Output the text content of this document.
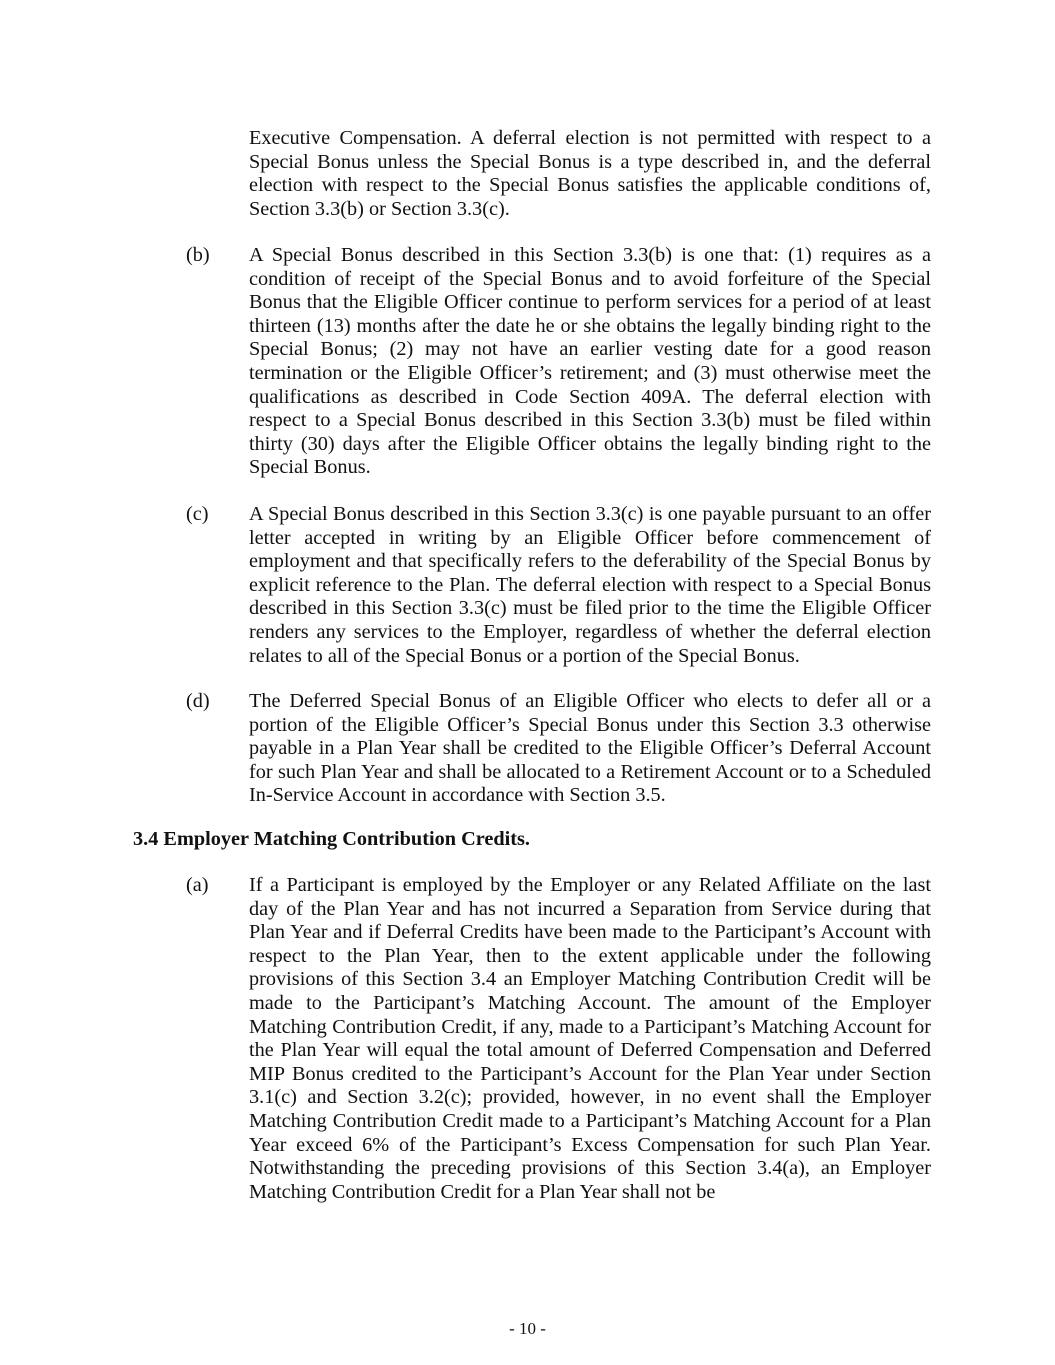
Executive Compensation. A deferral election is not permitted with respect to a Special Bonus unless the Special Bonus is a type described in, and the deferral election with respect to the Special Bonus satisfies the applicable conditions of, Section 3.3(b) or Section 3.3(c).

(b) A Special Bonus described in this Section 3.3(b) is one that: (1) requires as a condition of receipt of the Special Bonus and to avoid forfeiture of the Special Bonus that the Eligible Officer continue to perform services for a period of at least thirteen (13) months after the date he or she obtains the legally binding right to the Special Bonus; (2) may not have an earlier vesting date for a good reason termination or the Eligible Officer’s retirement; and (3) must otherwise meet the qualifications as described in Code Section 409A. The deferral election with respect to a Special Bonus described in this Section 3.3(b) must be filed within thirty (30) days after the Eligible Officer obtains the legally binding right to the Special Bonus.

(c) A Special Bonus described in this Section 3.3(c) is one payable pursuant to an offer letter accepted in writing by an Eligible Officer before commencement of employment and that specifically refers to the deferability of the Special Bonus by explicit reference to the Plan. The deferral election with respect to a Special Bonus described in this Section 3.3(c) must be filed prior to the time the Eligible Officer renders any services to the Employer, regardless of whether the deferral election relates to all of the Special Bonus or a portion of the Special Bonus.

(d) The Deferred Special Bonus of an Eligible Officer who elects to defer all or a portion of the Eligible Officer’s Special Bonus under this Section 3.3 otherwise payable in a Plan Year shall be credited to the Eligible Officer’s Deferral Account for such Plan Year and shall be allocated to a Retirement Account or to a Scheduled In-Service Account in accordance with Section 3.5.

3.4 Employer Matching Contribution Credits.
(a) If a Participant is employed by the Employer or any Related Affiliate on the last day of the Plan Year and has not incurred a Separation from Service during that Plan Year and if Deferral Credits have been made to the Participant’s Account with respect to the Plan Year, then to the extent applicable under the following provisions of this Section 3.4 an Employer Matching Contribution Credit will be made to the Participant’s Matching Account. The amount of the Employer Matching Contribution Credit, if any, made to a Participant’s Matching Account for the Plan Year will equal the total amount of Deferred Compensation and Deferred MIP Bonus credited to the Participant’s Account for the Plan Year under Section 3.1(c) and Section 3.2(c); provided, however, in no event shall the Employer Matching Contribution Credit made to a Participant’s Matching Account for a Plan Year exceed 6% of the Participant’s Excess Compensation for such Plan Year. Notwithstanding the preceding provisions of this Section 3.4(a), an Employer Matching Contribution Credit for a Plan Year shall not be

- 10 -
